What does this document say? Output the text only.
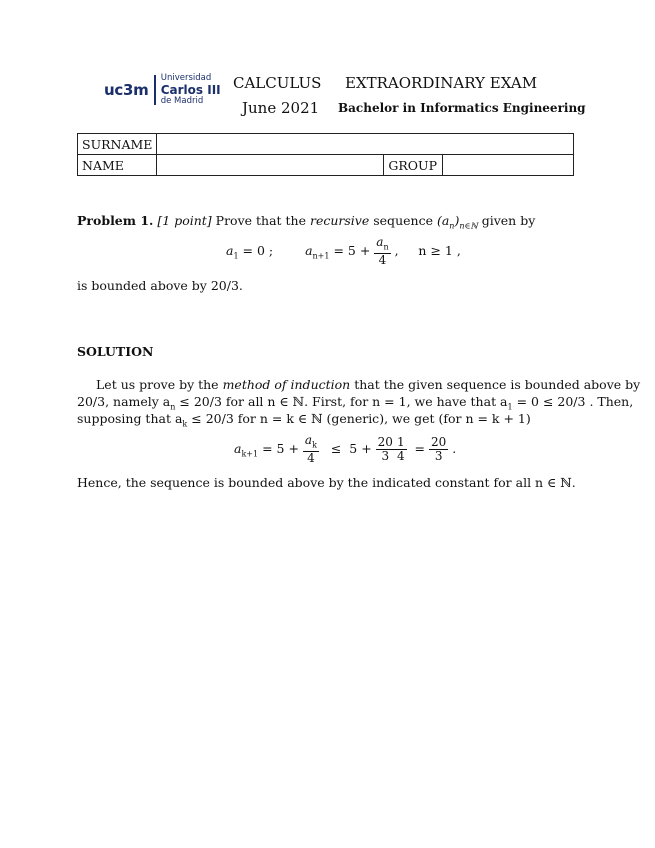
uc3m
Universidad
Carlos III
de Madrid
CALCULUS EXTRAORDINARY EXAM
June 2021 Bachelor in Informatics Engineering
SURNAME			
NAME		GROUP	
Problem 1. [1 point] Prove that the recursive sequence $(a_n)_{n\in ℕ}$ given by
$a_1 = 0$ ;	$a_{n+1} = 5 + \frac{a_n}{4}$ ,     n ≥ 1 ,
is bounded above by 20/3.
SOLUTION
Let us prove by the method of induction that the given sequence is bounded above by
20/3, namely $a_n \le 20/3$ for all n ∈ ℕ. First, for n = 1, we have that $a_1 = 0 \le 20/3$ . Then,
supposing that $a_k \le 20/3$ for n = k ∈ ℕ (generic), we get (for n = k + 1)
$a_{k+1} = 5 + \frac{a_k}{4} \le 5 + \frac{20}{3} \frac{1}{4} = \frac{20}{3}$ .
Hence, the sequence is bounded above by the indicated constant for all n ∈ ℕ.
